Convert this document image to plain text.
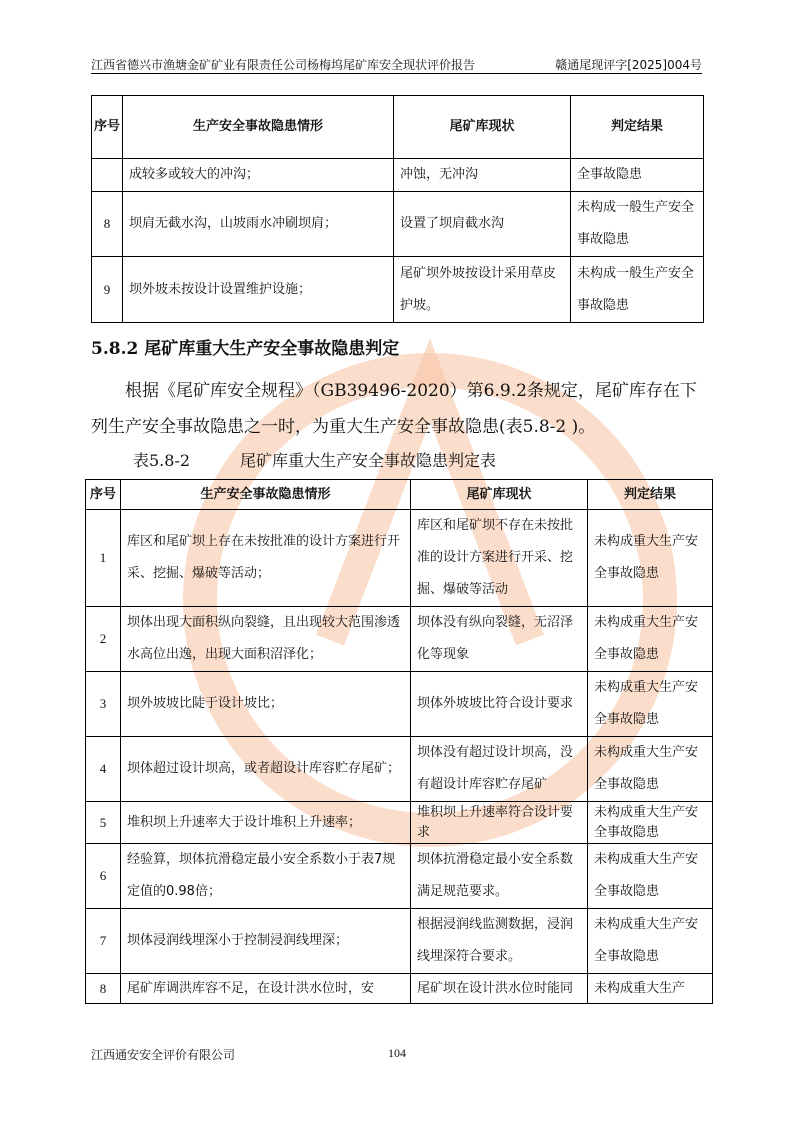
江西省德兴市渔塘金矿矿业有限责任公司杨梅坞尾矿库安全现状评价报告	赣通尾现评字[2025]004号
序号	生产安全事故隐患情形	尾矿库现状	判定结果
	成较多或较大的冲沟；	冲蚀，无冲沟	全事故隐患
8	坝肩无截水沟，山坡雨水冲刷坝肩；	设置了坝肩截水沟	未构成一般生产安全事故隐患
9	坝外坡未按设计设置维护设施；	尾矿坝外坡按设计采用草皮护坡。	未构成一般生产安全事故隐患
5.8.2 尾矿库重大生产安全事故隐患判定
根据《尾矿库安全规程》（GB39496-2020）第6.9.2条规定，尾矿库存在下列生产安全事故隐患之一时，为重大生产安全事故隐患(表5.8-2 )。
表5.8-2	尾矿库重大生产安全事故隐患判定表
序号	生产安全事故隐患情形	尾矿库现状	判定结果
1	库区和尾矿坝上存在未按批准的设计方案进行开采、挖掘、爆破等活动；	库区和尾矿坝不存在未按批准的设计方案进行开采、挖掘、爆破等活动	未构成重大生产安全事故隐患
2	坝体出现大面积纵向裂缝，且出现较大范围渗透水高位出逸，出现大面积沼泽化；	坝体没有纵向裂缝，无沼泽化等现象	未构成重大生产安全事故隐患
3	坝外坡坡比陡于设计坡比；	坝体外坡坡比符合设计要求	未构成重大生产安全事故隐患
4	坝体超过设计坝高，或者超设计库容贮存尾矿；	坝体没有超过设计坝高，没有超设计库容贮存尾矿	未构成重大生产安全事故隐患
5	堆积坝上升速率大于设计堆积上升速率；	堆积坝上升速率符合设计要求	未构成重大生产安全事故隐患
6	经验算，坝体抗滑稳定最小安全系数小于表7规定值的0.98倍；	坝体抗滑稳定最小安全系数满足规范要求。	未构成重大生产安全事故隐患
7	坝体浸润线埋深小于控制浸润线埋深；	根据浸润线监测数据，浸润线埋深符合要求。	未构成重大生产安全事故隐患
8	尾矿库调洪库容不足，在设计洪水位时，安	尾矿坝在设计洪水位时能同	未构成重大生产
江西通安安全评价有限公司	104
